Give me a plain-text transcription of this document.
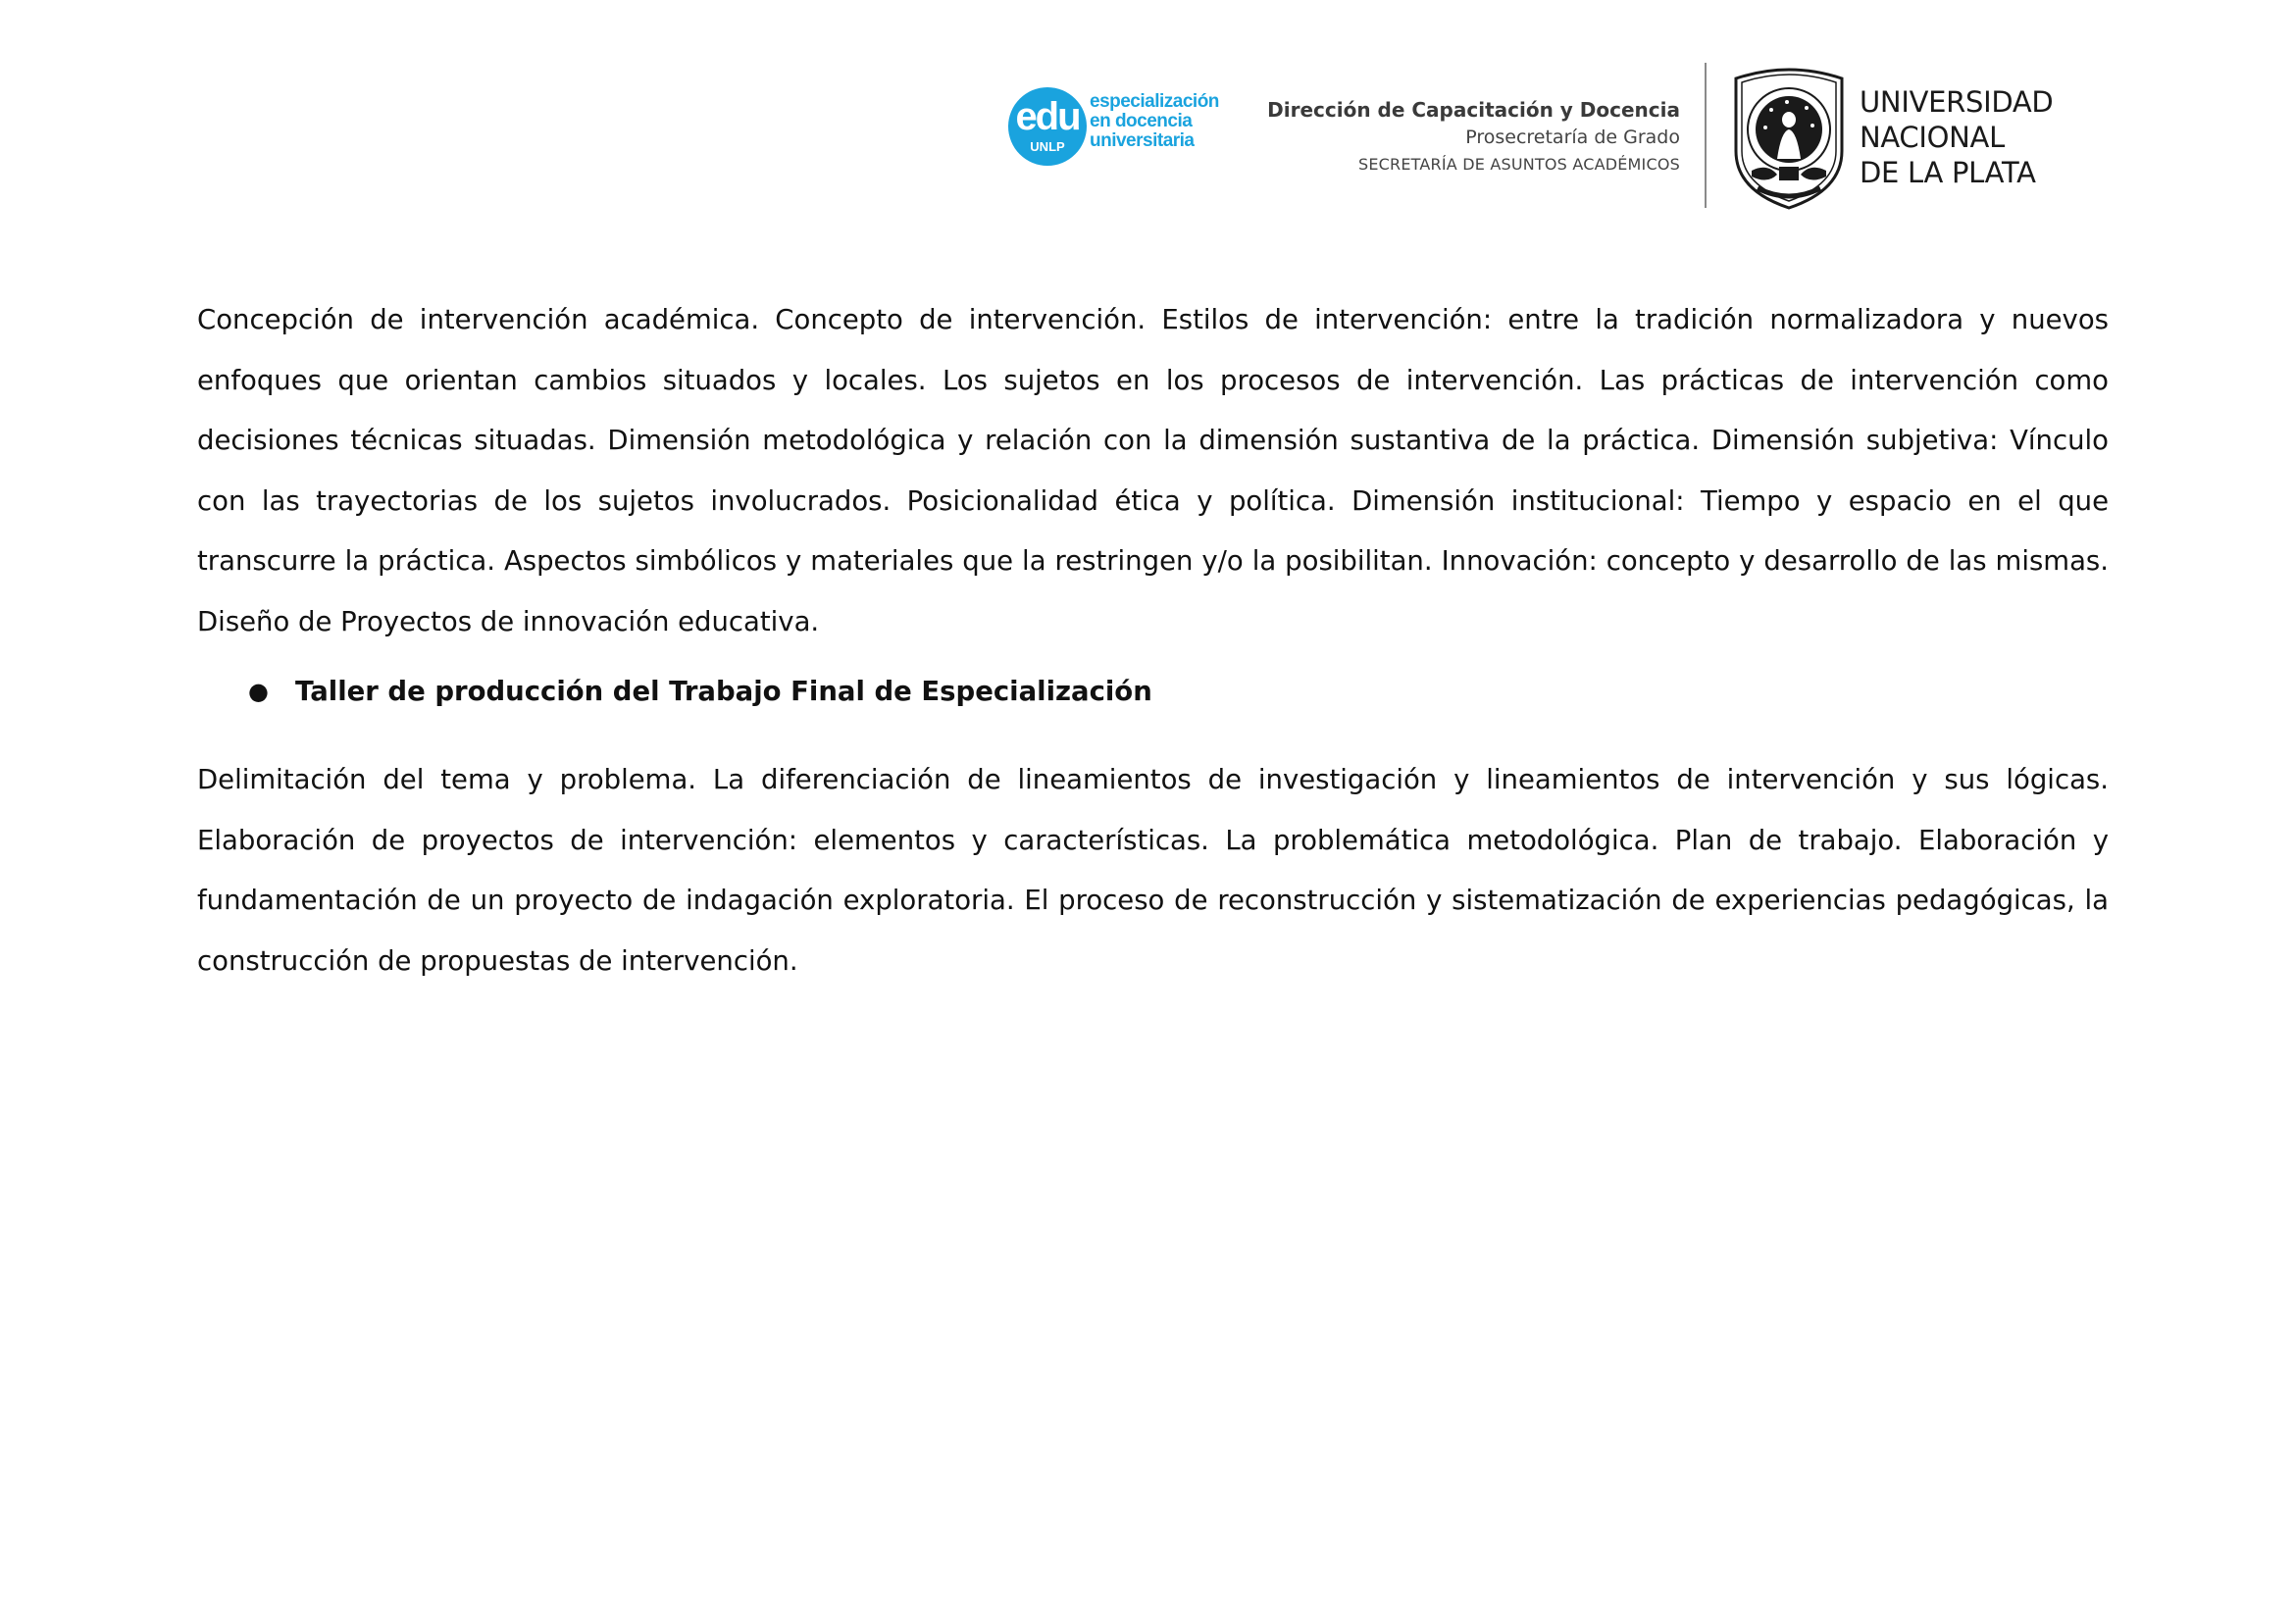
edu
UNLP
especialización
en docencia
universitaria
Dirección de Capacitación y Docencia
Prosecretaría de Grado
SECRETARÍA DE ASUNTOS ACADÉMICOS
UNIVERSIDAD
NACIONAL
DE LA PLATA

Concepción de intervención académica. Concepto de intervención. Estilos de intervención: entre la tradición normalizadora y nuevos enfoques que orientan cambios situados y locales. Los sujetos en los procesos de intervención. Las prácticas de intervención como decisiones técnicas situadas. Dimensión metodológica y relación con la dimensión sustantiva de la práctica. Dimensión subjetiva: Vínculo con las trayectorias de los sujetos involucrados. Posicionalidad ética y política. Dimensión institucional: Tiempo y espacio en el que transcurre la práctica. Aspectos simbólicos y materiales que la restringen y/o la posibilitan. Innovación: concepto y desarrollo de las mismas. Diseño de Proyectos de innovación educativa.

● Taller de producción del Trabajo Final de Especialización

Delimitación del tema y problema. La diferenciación de lineamientos de investigación y lineamientos de intervención y sus lógicas. Elaboración de proyectos de intervención: elementos y características. La problemática metodológica. Plan de trabajo. Elaboración y fundamentación de un proyecto de indagación exploratoria. El proceso de reconstrucción y sistematización de experiencias pedagógicas, la construcción de propuestas de intervención.
